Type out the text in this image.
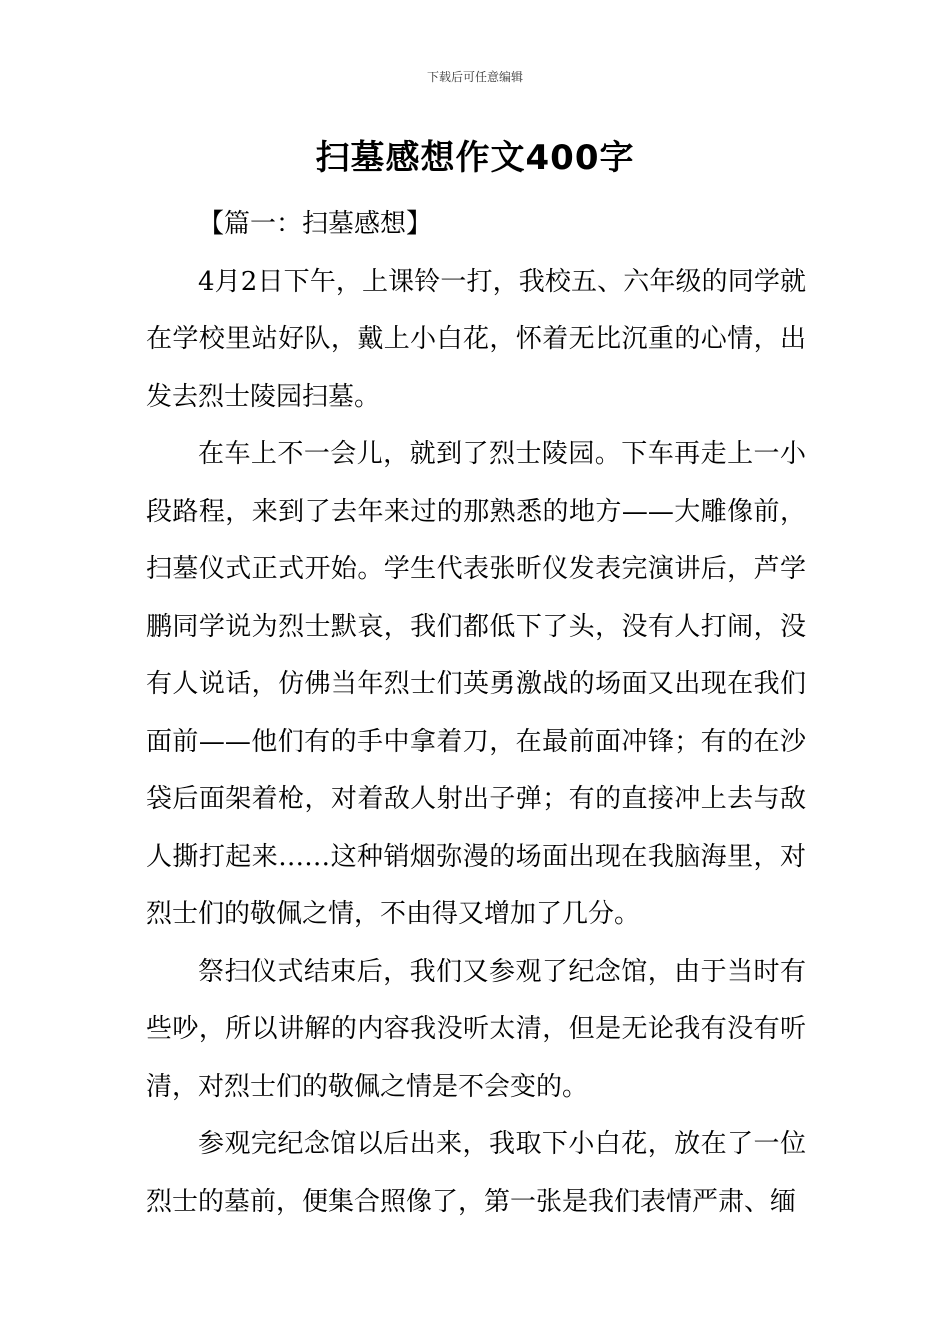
下载后可任意编辑
扫墓感想作文400字

【篇一：扫墓感想】

4月2日下午，上课铃一打，我校五、六年级的同学就在学校里站好队，戴上小白花，怀着无比沉重的心情，出发去烈士陵园扫墓。

在车上不一会儿，就到了烈士陵园。下车再走上一小段路程，来到了去年来过的那熟悉的地方——大雕像前，扫墓仪式正式开始。学生代表张昕仪发表完演讲后，芦学鹏同学说为烈士默哀，我们都低下了头，没有人打闹，没有人说话，仿佛当年烈士们英勇激战的场面又出现在我们面前——他们有的手中拿着刀，在最前面冲锋；有的在沙袋后面架着枪，对着敌人射出子弹；有的直接冲上去与敌人撕打起来……这种销烟弥漫的场面出现在我脑海里，对烈士们的敬佩之情，不由得又增加了几分。

祭扫仪式结束后，我们又参观了纪念馆，由于当时有些吵，所以讲解的内容我没听太清，但是无论我有没有听清，对烈士们的敬佩之情是不会变的。

参观完纪念馆以后出来，我取下小白花，放在了一位烈士的墓前，便集合照像了，第一张是我们表情严肃、缅
